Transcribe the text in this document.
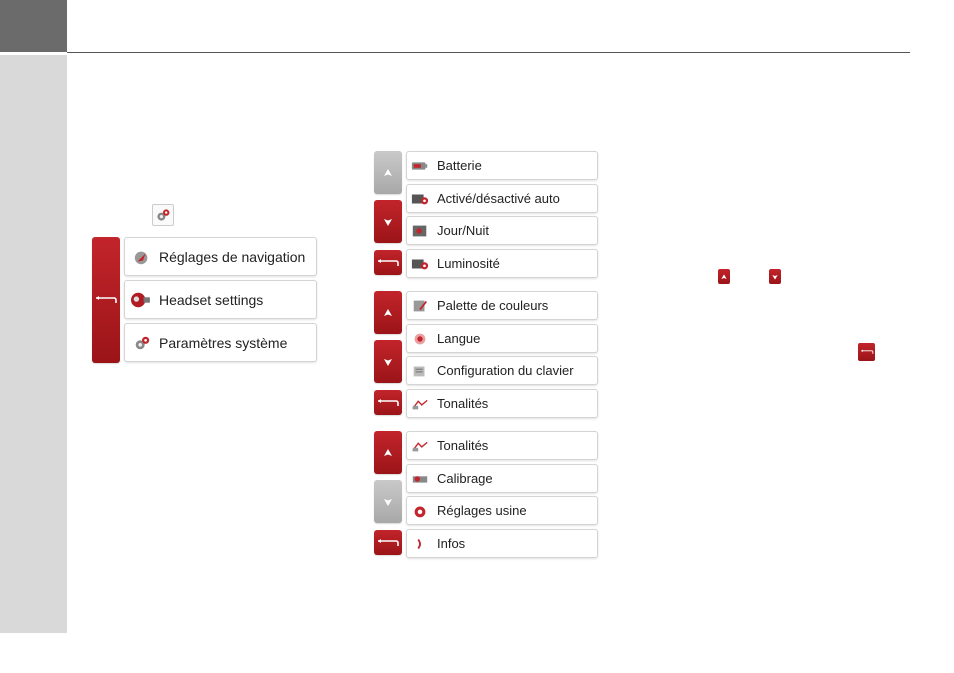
Réglages de navigation
Headset settings
Paramètres système
Batterie
Activé/désactivé auto
Jour/Nuit
Luminosité
Palette de couleurs
Langue
Configuration du clavier
Tonalités
Tonalités
Calibrage
Réglages usine
Infos
